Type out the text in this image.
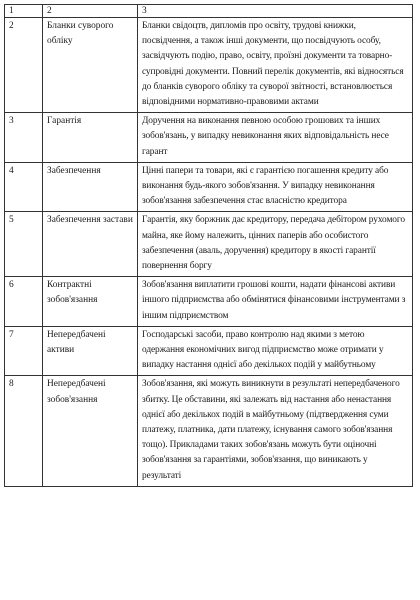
1	2	3
2	Бланки суворого обліку	Бланки свідоцтв, дипломів про освіту, трудові книжки, посвідчення, а також інші документи, що посвідчують особу, засвідчують подію, право, освіту, проїзні документи та товарно-супровідні документи. Повний перелік документів, які відносяться до бланків суворого обліку та суворої звітності, встановлюється відповідними нормативно-правовими актами
3	Гарантія	Доручення на виконання певною особою грошових та інших зобов'язань, у випадку невиконання яких відповідальність несе гарант
4	Забезпечення	Цінні папери та товари, які є гарантією погашення кредиту або виконання будь-якого зобов'язання. У випадку невиконання зобов'язання забезпечення стає власністю кредитора
5	Забезпечення застави	Гарантія, яку боржник дає кредитору, передача дебітором рухомого майна, яке йому належить, цінних паперів або особистого забезпечення (аваль, доручення) кредитору в якості гарантії повернення боргу
6	Контрактні зобов'язання	Зобов'язання виплатити грошові кошти, надати фінансові активи іншого підприємства або обмінятися фінансовими інструментами з іншим підприємством
7	Непередбачені активи	Господарські засоби, право контролю над якими з метою одержання економічних вигод підприємство може отримати у випадку настання однієї або декількох подій у майбутньому
8	Непередбачені зобов'язання	Зобов'язання, які можуть виникнути в результаті непередбаченого збитку. Це обставини, які залежать від настання або ненастання однієї або декількох подій в майбутньому (підтвердження суми платежу, платника, дати платежу, існування самого зобов'язання тощо). Прикладами таких зобов'язань можуть бути оціночні зобов'язання за гарантіями, зобов'язання, що виникають у результаті
